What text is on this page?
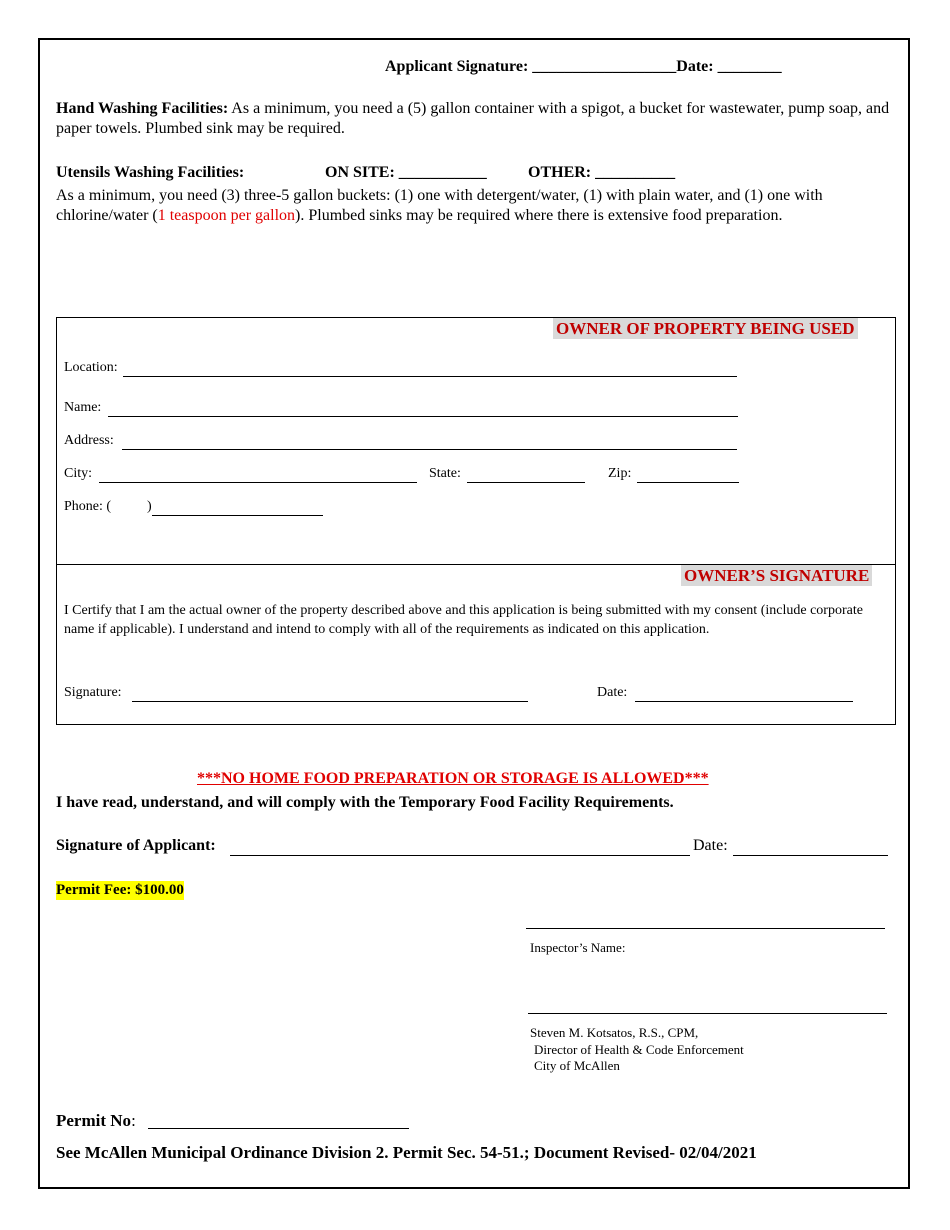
Applicant Signature: __________________Date: ________
Hand Washing Facilities: As a minimum, you need a (5) gallon container with a spigot, a bucket for wastewater, pump soap, and paper towels. Plumbed sink may be required.
Utensils Washing Facilities:	ON SITE: ___________	OTHER: __________
As a minimum, you need (3) three-5 gallon buckets: (1) one with detergent/water, (1) with plain water, and (1) one with chlorine/water (1 teaspoon per gallon). Plumbed sinks may be required where there is extensive food preparation.
OWNER OF PROPERTY BEING USED
Location:
Name:
Address:
City:	State:	Zip:
Phone: (	)
OWNER’S SIGNATURE
I Certify that I am the actual owner of the property described above and this application is being submitted with my consent (include corporate name if applicable). I understand and intend to comply with all of the requirements as indicated on this application.
Signature:	Date:
***NO HOME FOOD PREPARATION OR STORAGE IS ALLOWED***
I have read, understand, and will comply with the Temporary Food Facility Requirements.
Signature of Applicant:	Date:
Permit Fee: $100.00
Inspector’s Name:
Steven M. Kotsatos, R.S., CPM,
Director of Health & Code Enforcement
City of McAllen
Permit No:
See McAllen Municipal Ordinance Division 2. Permit Sec. 54-51.; Document Revised- 02/04/2021
